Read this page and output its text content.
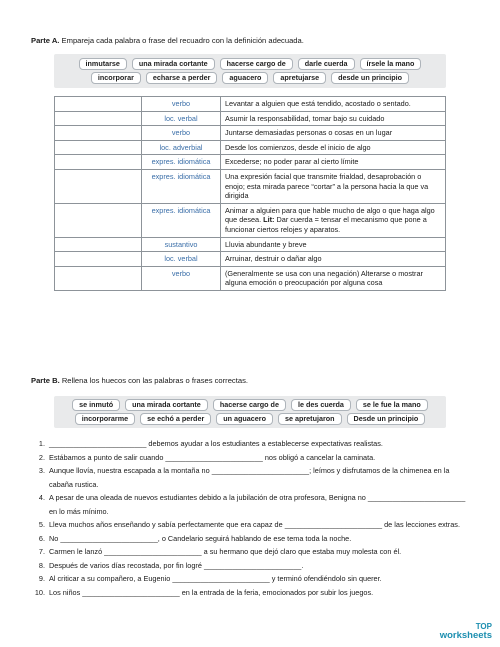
Parte A. Empareja cada palabra o frase del recuadro con la definición adecuada.
inmutarse	una mirada cortante	hacerse cargo de	darle cuerda	írsele la mano
incorporar	echarse a perder	aguacero	apretujarse	desde un principio
	verbo	Levantar a alguien que está tendido, acostado o sentado.
	loc. verbal	Asumir la responsabilidad, tomar bajo su cuidado
	verbo	Juntarse demasiadas personas o cosas en un lugar
	loc. adverbial	Desde los comienzos, desde el inicio de algo
	expres. idiomática	Excederse; no poder parar al cierto límite
	expres. idiomática	Una expresión facial que transmite frialdad, desaprobación o enojo; esta mirada parece “cortar” a la persona hacia la que va dirigida
	expres. idiomática	Animar a alguien para que hable mucho de algo o que haga algo que desea. Lit: Dar cuerda = tensar el mecanismo que pone a funcionar ciertos relojes y aparatos.
	sustantivo	Lluvia abundante y breve
	loc. verbal	Arruinar, destruir o dañar algo
	verbo	(Generalmente se usa con una negación) Alterarse o mostrar alguna emoción o preocupación por alguna cosa
Parte B. Rellena los huecos con las palabras o frases correctas.
se inmutó	una mirada cortante	hacerse cargo de	le des cuerda	se le fue la mano
incorporarme	se echó a perder	un aguacero	se apretujaron	Desde un principio
1. ________________________ debemos ayudar a los estudiantes a establecerse expectativas realistas.
2. Estábamos a punto de salir cuando ________________________ nos obligó a cancelar la caminata.
3. Aunque llovía, nuestra escapada a la montaña no ________________________; leímos y disfrutamos de la chimenea en la cabaña rustica.
4. A pesar de una oleada de nuevos estudiantes debido a la jubilación de otra profesora, Benigna no ________________________ en lo más mínimo.
5. Lleva muchos años enseñando y sabía perfectamente que era capaz de ________________________ de las lecciones extras.
6. No ________________________, o Candelario seguirá hablando de ese tema toda la noche.
7. Carmen le lanzó ________________________ a su hermano que dejó claro que estaba muy molesta con él.
8. Después de varios días recostada, por fin logré ________________________.
9. Al criticar a su compañero, a Eugenio ________________________ y terminó ofendiéndolo sin querer.
10. Los niños ________________________ en la entrada de la feria, emocionados por subir los juegos.
TOP
worksheets
